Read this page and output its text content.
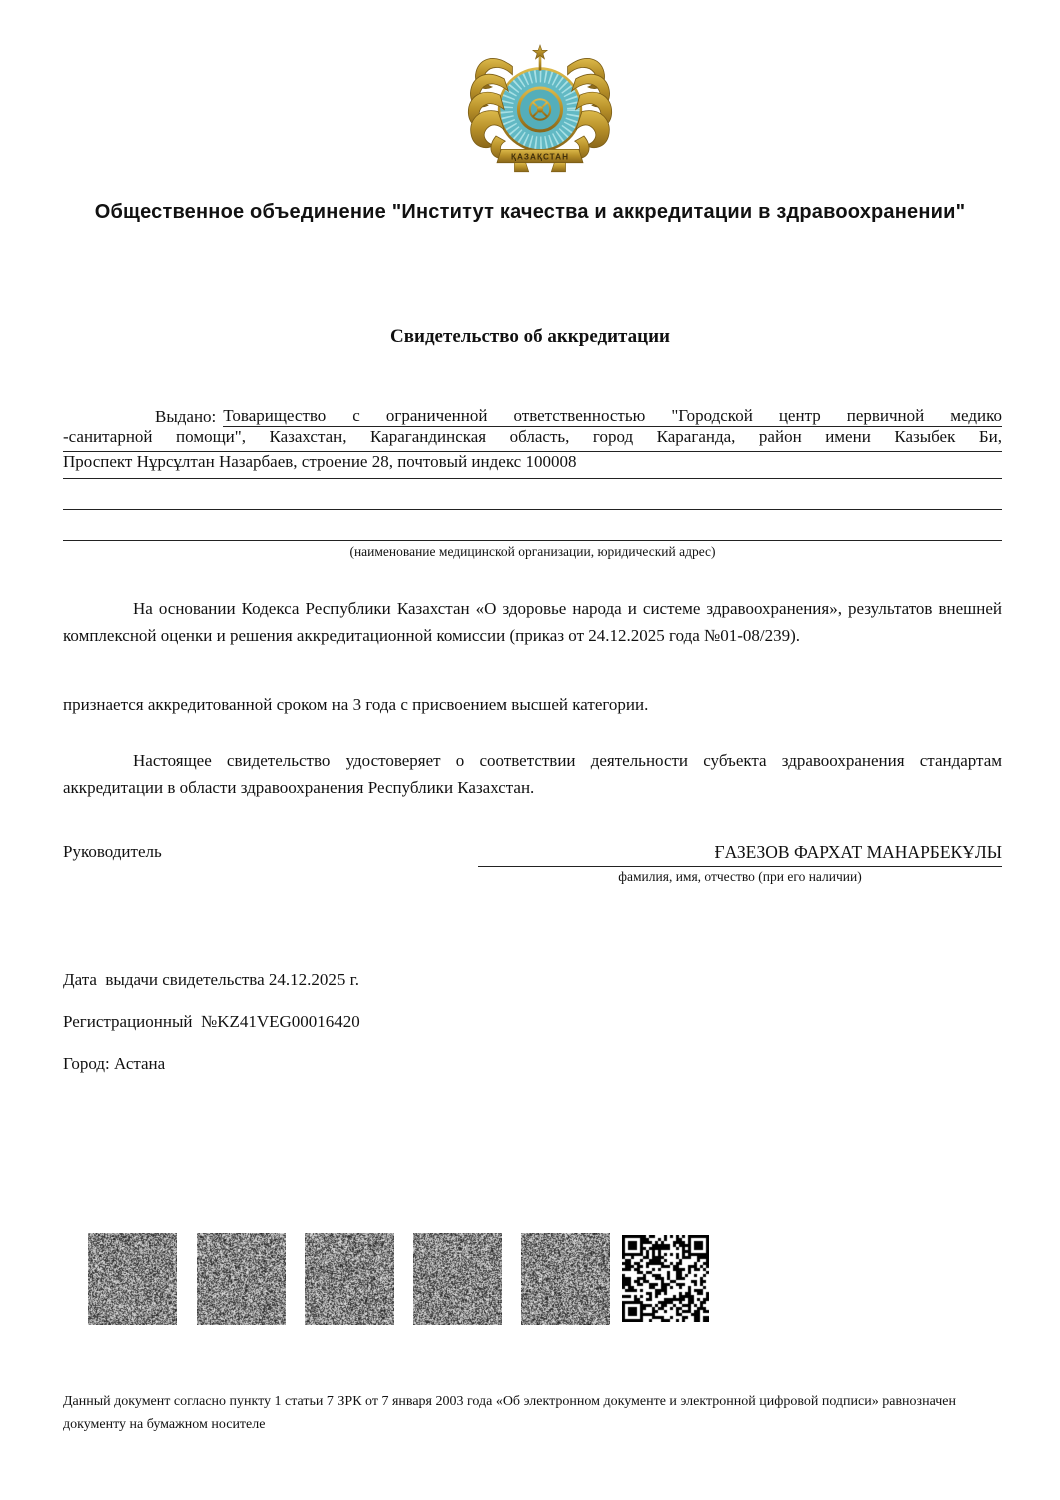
ҚАЗАҚСТАН
Общественное объединение "Институт качества и аккредитации в здравоохранении"
Свидетельство об аккредитации
Выдано: Товарищество с ограниченной ответственностью "Городской центр первичной медико
-санитарной помощи", Казахстан, Карагандинская область, город Караганда, район имени Казыбек Би,
Проспект Нұрсұлтан Назарбаев, строение 28, почтовый индекс 100008
(наименование медицинской организации, юридический адрес)

На основании Кодекса Республики Казахстан «О здоровье народа и системе здравоохранения», результатов внешней комплексной оценки и решения аккредитационной комиссии (приказ от 24.12.2025 года №01-08/239).

признается аккредитованной сроком на 3 года с присвоением высшей категории.

Настоящее свидетельство удостоверяет о соответствии деятельности субъекта здравоохранения стандартам аккредитации в области здравоохранения Республики Казахстан.

Руководитель	ҒАЗЕЗОВ ФАРХАТ МАНАРБЕКҰЛЫ
фамилия, имя, отчество (при его наличии)
Дата  выдачи свидетельства 24.12.2025 г.
Регистрационный  №KZ41VEG00016420
Город: Астана
Данный документ согласно пункту 1 статьи 7 ЗРК от 7 января 2003 года «Об электронном документе и электронной цифровой подписи» равнозначен документу на бумажном носителе
